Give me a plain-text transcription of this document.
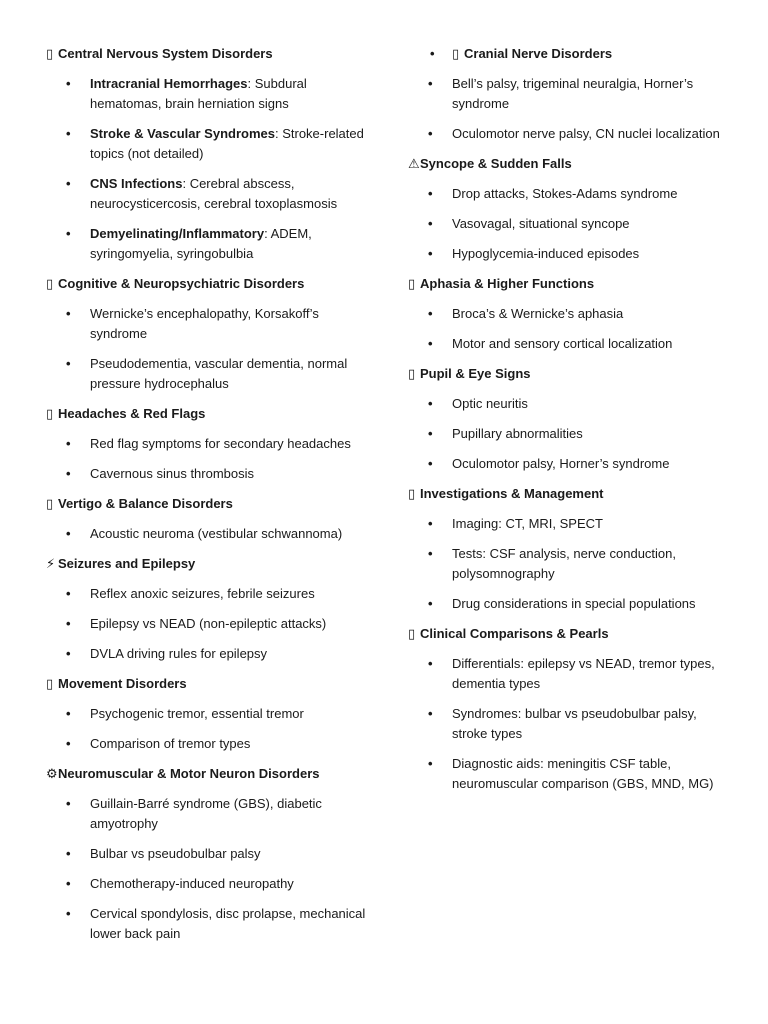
▯ Central Nervous System Disorders
• Intracranial Hemorrhages: Subdural hematomas, brain herniation signs
• Stroke & Vascular Syndromes: Stroke-related topics (not detailed)
• CNS Infections: Cerebral abscess, neurocysticercosis, cerebral toxoplasmosis
• Demyelinating/Inflammatory: ADEM, syringomyelia, syringobulbia
▯ Cognitive & Neuropsychiatric Disorders
• Wernicke’s encephalopathy, Korsakoff’s syndrome
• Pseudodementia, vascular dementia, normal pressure hydrocephalus
▯ Headaches & Red Flags
• Red flag symptoms for secondary headaches
• Cavernous sinus thrombosis
▯ Vertigo & Balance Disorders
• Acoustic neuroma (vestibular schwannoma)
⚡ Seizures and Epilepsy
• Reflex anoxic seizures, febrile seizures
• Epilepsy vs NEAD (non-epileptic attacks)
• DVLA driving rules for epilepsy
▯ Movement Disorders
• Psychogenic tremor, essential tremor
• Comparison of tremor types
⚙Neuromuscular & Motor Neuron Disorders
• Guillain-Barré syndrome (GBS), diabetic amyotrophy
• Bulbar vs pseudobulbar palsy
• Chemotherapy-induced neuropathy
• Cervical spondylosis, disc prolapse, mechanical lower back pain
• ▯ Cranial Nerve Disorders
• Bell’s palsy, trigeminal neuralgia, Horner’s syndrome
• Oculomotor nerve palsy, CN nuclei localization
⚠Syncope & Sudden Falls
• Drop attacks, Stokes-Adams syndrome
• Vasovagal, situational syncope
• Hypoglycemia-induced episodes
▯ Aphasia & Higher Functions
• Broca’s & Wernicke’s aphasia
• Motor and sensory cortical localization
▯ Pupil & Eye Signs
• Optic neuritis
• Pupillary abnormalities
• Oculomotor palsy, Horner’s syndrome
▯ Investigations & Management
• Imaging: CT, MRI, SPECT
• Tests: CSF analysis, nerve conduction, polysomnography
• Drug considerations in special populations
▯ Clinical Comparisons & Pearls
• Differentials: epilepsy vs NEAD, tremor types, dementia types
• Syndromes: bulbar vs pseudobulbar palsy, stroke types
• Diagnostic aids: meningitis CSF table, neuromuscular comparison (GBS, MND, MG)
